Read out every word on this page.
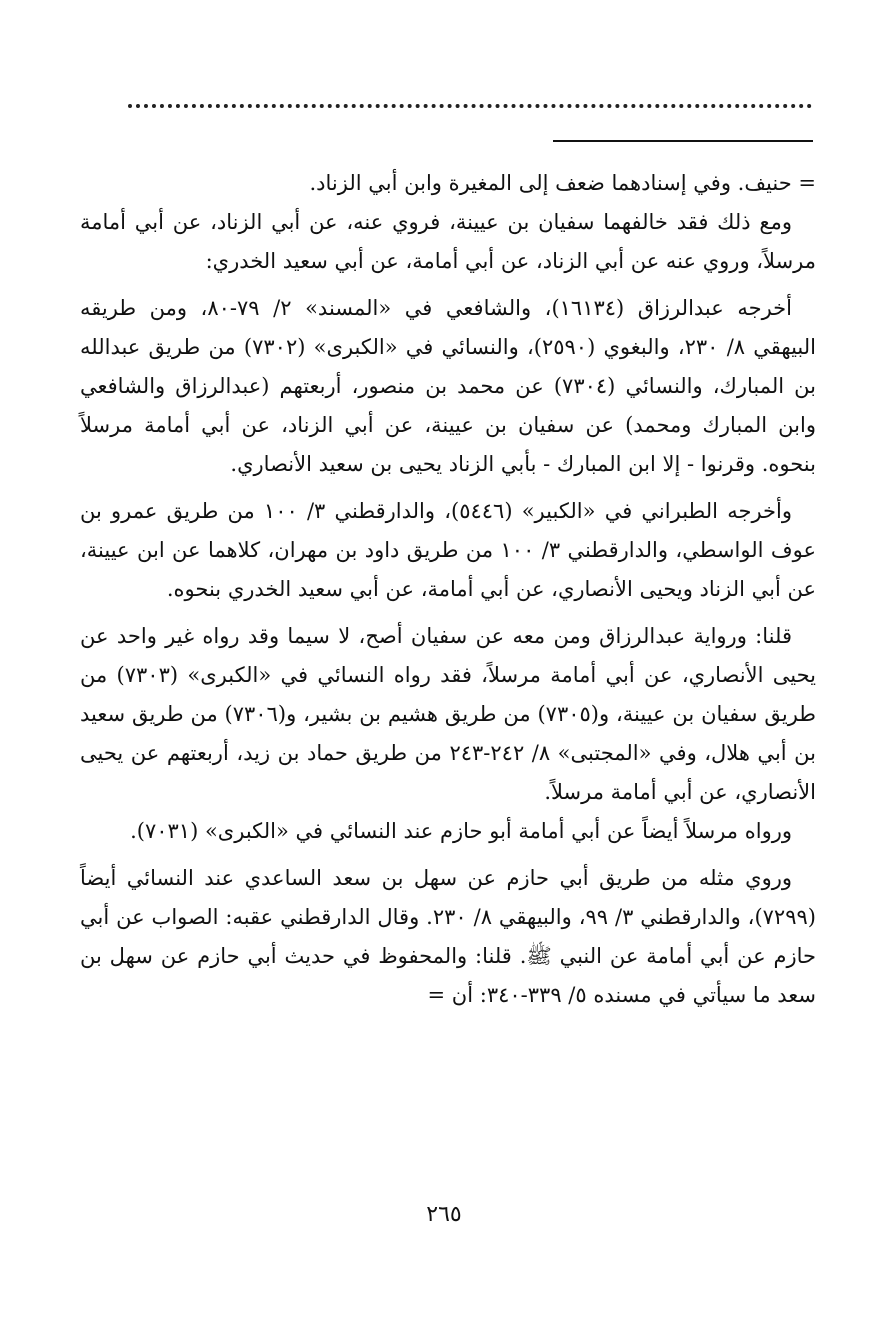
= حنيف. وفي إسنادهما ضعف إلى المغيرة وابن أبي الزناد.

ومع ذلك فقد خالفهما سفيان بن عيينة، فروي عنه، عن أبي الزناد، عن أبي أمامة مرسلاً، وروي عنه عن أبي الزناد، عن أبي أمامة، عن أبي سعيد الخدري:

أخرجه عبدالرزاق (١٦١٣٤)، والشافعي في «المسند» ٢/ ٧٩-٨٠، ومن طريقه البيهقي ٨/ ٢٣٠، والبغوي (٢٥٩٠)، والنسائي في «الكبرى» (٧٣٠٢) من طريق عبدالله بن المبارك، والنسائي (٧٣٠٤) عن محمد بن منصور، أربعتهم (عبدالرزاق والشافعي وابن المبارك ومحمد) عن سفيان بن عيينة، عن أبي الزناد، عن أبي أمامة مرسلاً بنحوه. وقرنوا - إلا ابن المبارك - بأبي الزناد يحيى بن سعيد الأنصاري.

وأخرجه الطبراني في «الكبير» (٥٤٤٦)، والدارقطني ٣/ ١٠٠ من طريق عمرو بن عوف الواسطي، والدارقطني ٣/ ١٠٠ من طريق داود بن مهران، كلاهما عن ابن عيينة، عن أبي الزناد ويحيى الأنصاري، عن أبي أمامة، عن أبي سعيد الخدري بنحوه.

قلنا: ورواية عبدالرزاق ومن معه عن سفيان أصح، لا سيما وقد رواه غير واحد عن يحيى الأنصاري، عن أبي أمامة مرسلاً، فقد رواه النسائي في «الكبرى» (٧٣٠٣) من طريق سفيان بن عيينة، و(٧٣٠٥) من طريق هشيم بن بشير، و(٧٣٠٦) من طريق سعيد بن أبي هلال، وفي «المجتبى» ٨/ ٢٤٢-٢٤٣ من طريق حماد بن زيد، أربعتهم عن يحيى الأنصاري، عن أبي أمامة مرسلاً.

ورواه مرسلاً أيضاً عن أبي أمامة أبو حازم عند النسائي في «الكبرى» (٧٠٣١).

وروي مثله من طريق أبي حازم عن سهل بن سعد الساعدي عند النسائي أيضاً (٧٢٩٩)، والدارقطني ٣/ ٩٩، والبيهقي ٨/ ٢٣٠. وقال الدارقطني عقبه: الصواب عن أبي حازم عن أبي أمامة عن النبي ﷺ. قلنا: والمحفوظ في حديث أبي حازم عن سهل بن سعد ما سيأتي في مسنده ٥/ ٣٣٩-٣٤٠: أن =

٢٦٥
